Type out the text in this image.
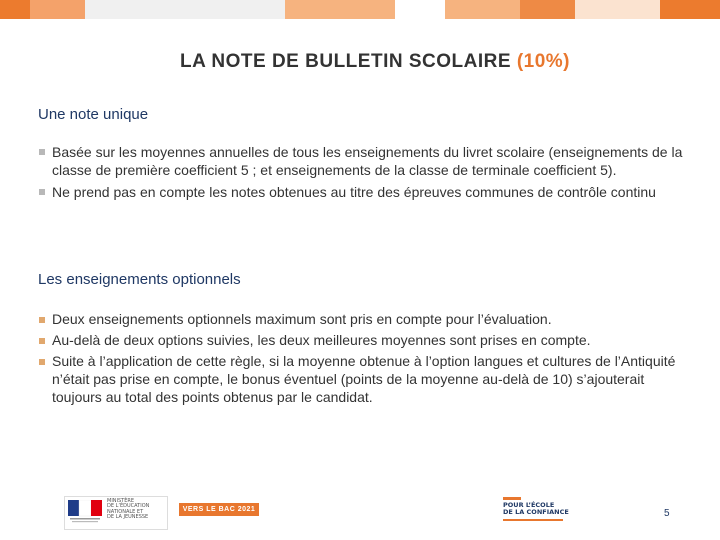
LA NOTE DE BULLETIN SCOLAIRE (10%)
Une note unique
Basée sur les moyennes annuelles de tous les enseignements du livret scolaire (enseignements de la classe de première coefficient 5 ; et enseignements de la classe de terminale coefficient 5).
Ne prend pas en compte les notes obtenues au titre des épreuves communes de contrôle continu
Les enseignements optionnels
Deux enseignements optionnels maximum sont pris en compte pour l’évaluation.
Au-delà de deux options suivies, les deux meilleures moyennes sont prises en compte.
Suite à l’application de cette règle, si la moyenne obtenue à l’option langues et cultures de l’Antiquité n’était pas prise en compte, le bonus éventuel (points de la moyenne au-delà de 10) s’ajouterait toujours au total des points obtenus par le candidat.
MINISTÈRE
DE L’ÉDUCATION
NATIONALE ET
DE LA JEUNESSE
VERS LE BAC 2021
POUR L’ÉCOLE
DE LA CONFIANCE	5
